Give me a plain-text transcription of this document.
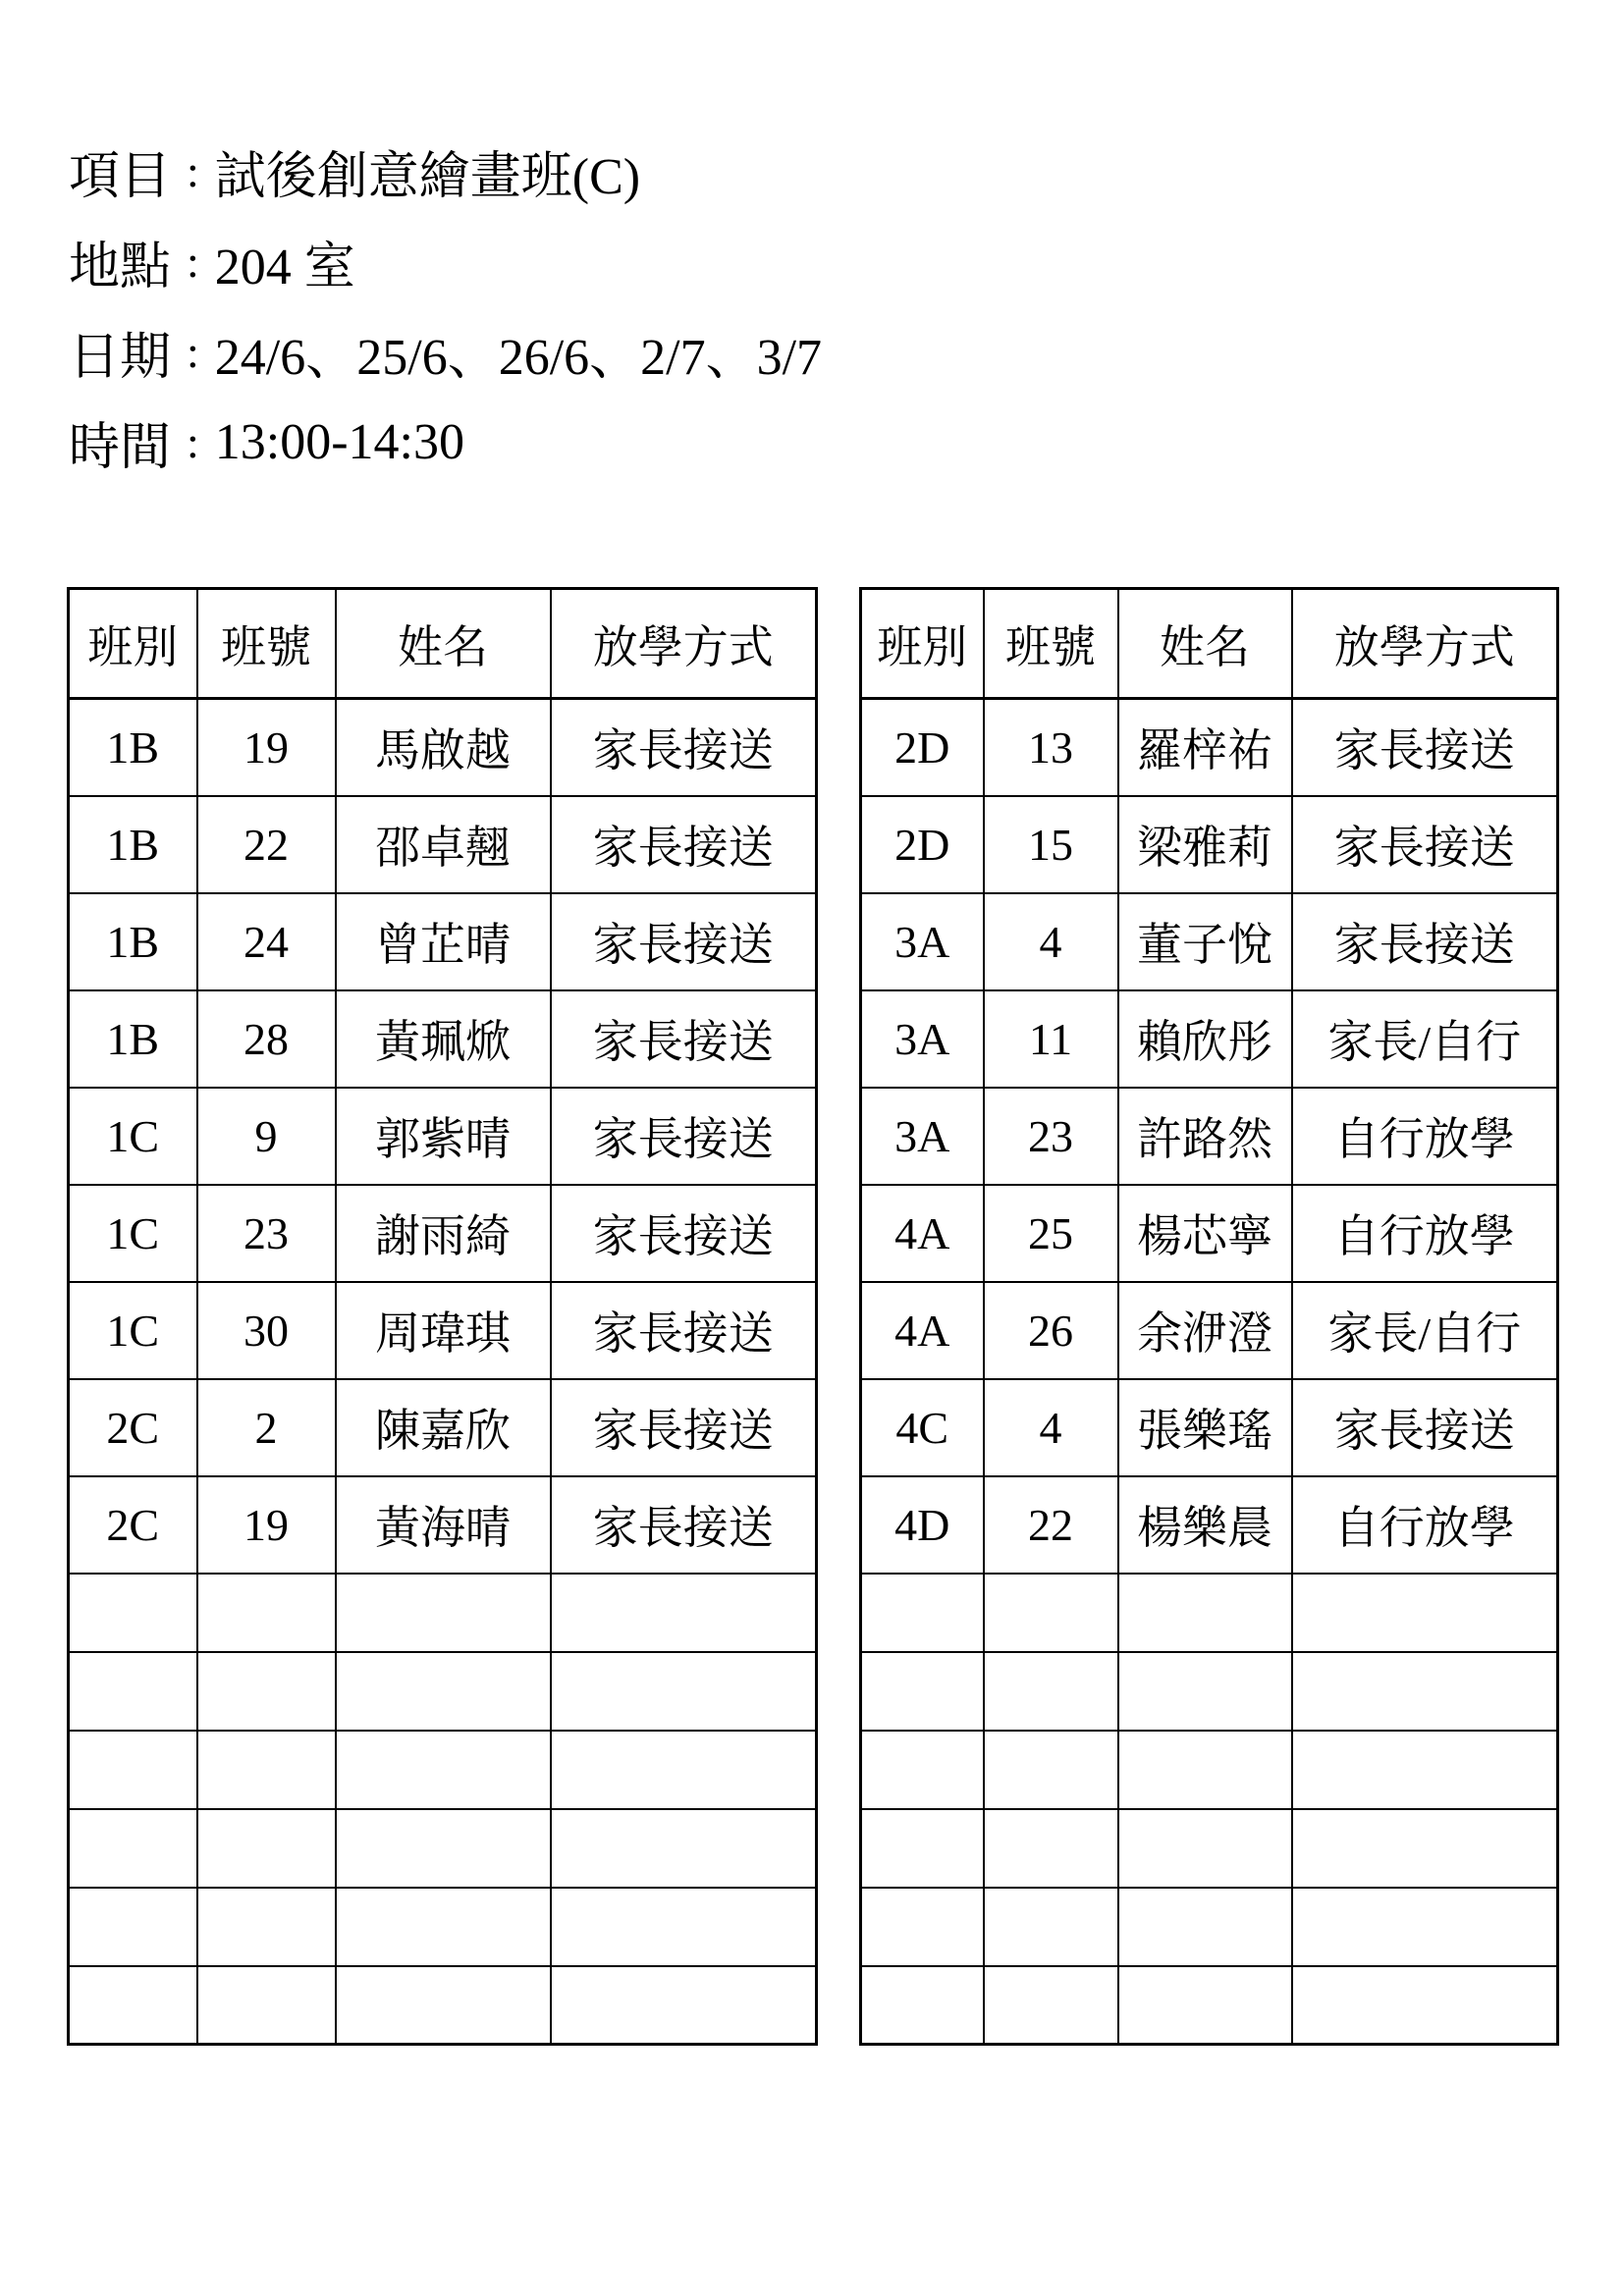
項目 : 試後創意繪畫班(C)
地點 : 204 室
日期 : 24/6、25/6、26/6、2/7、3/7
時間 : 13:00-14:30
班別	班號	姓名	放學方式
1B	19	馬啟越	家長接送
1B	22	邵卓翹	家長接送
1B	24	曾芷晴	家長接送
1B	28	黃珮焮	家長接送
1C	9	郭紫晴	家長接送
1C	23	謝雨綺	家長接送
1C	30	周瑋琪	家長接送
2C	2	陳嘉欣	家長接送
2C	19	黃海晴	家長接送

班別	班號	姓名	放學方式
2D	13	羅梓祐	家長接送
2D	15	梁雅莉	家長接送
3A	4	董子悅	家長接送
3A	11	賴欣彤	家長/自行
3A	23	許路然	自行放學
4A	25	楊芯寧	自行放學
4A	26	余洢澄	家長/自行
4C	4	張樂瑤	家長接送
4D	22	楊樂晨	自行放學
